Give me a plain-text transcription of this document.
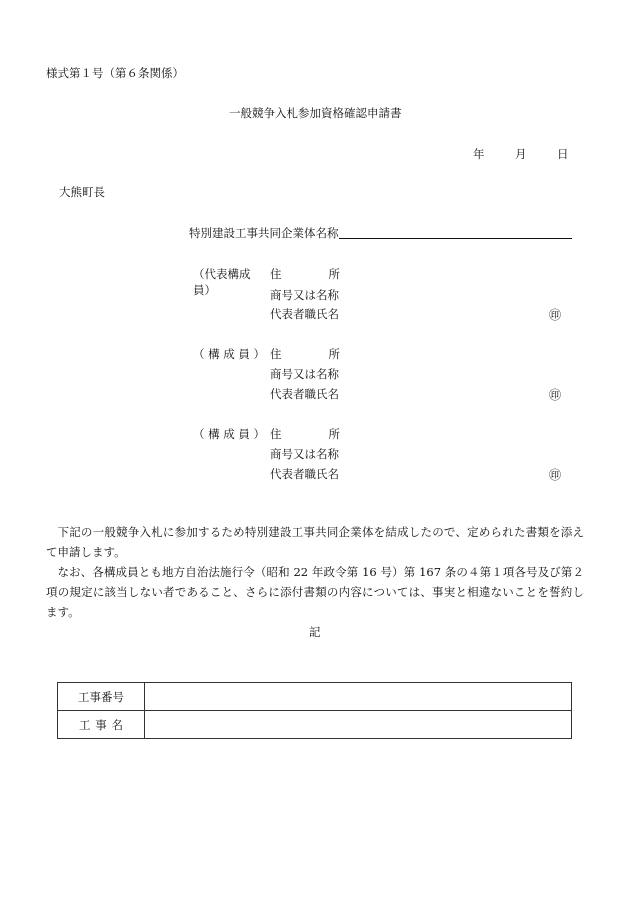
様式第１号（第６条関係）
一般競争入札参加資格確認申請書
年	月	日
大熊町長
特別建設工事共同企業体名称
（代表構成員）
住	所
商号又は名称
代表者職氏名	㊞
（ 構 成 員 ） 住	所
商号又は名称
代表者職氏名	㊞
（ 構 成 員 ） 住	所
商号又は名称
代表者職氏名	㊞

下記の一般競争入札に参加するため特別建設工事共同企業体を結成したので、定められた書類を添えて申請します。

なお、各構成員とも地方自治法施行令（昭和 22 年政令第 16 号）第 167 条の４第１項各号及び第２項の規定に該当しない者であること、さらに添付書類の内容については、事実と相違ないことを誓約します。

記
工事番号	

工 事 名	
